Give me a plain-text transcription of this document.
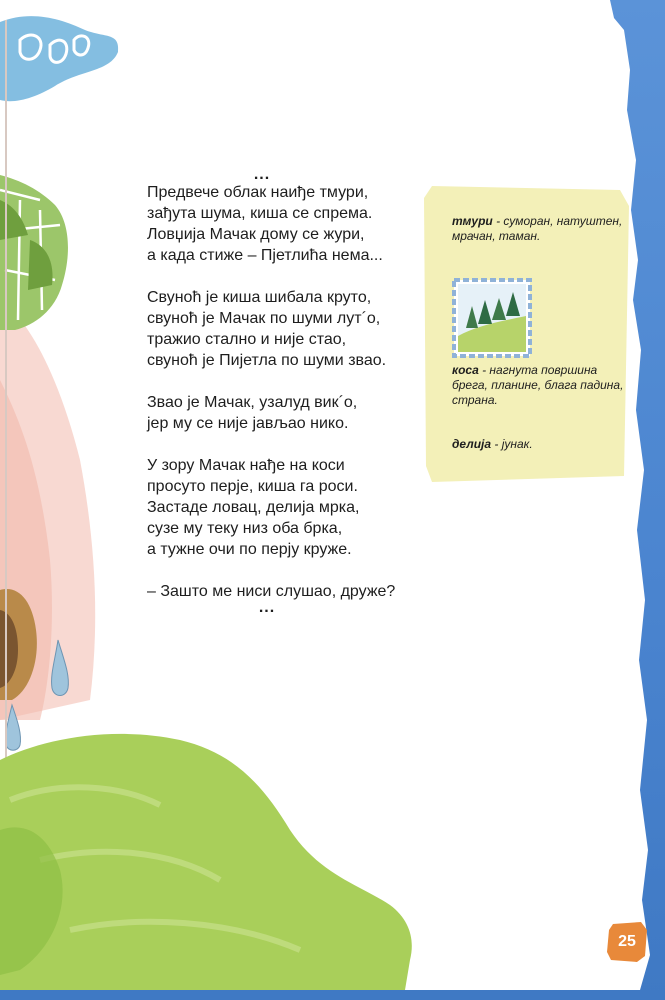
тмури - суморан, натуштен, мрачан, таман.
коса - нагнута површина брега, планине, блага падина, страна.
делија - јунак.
...

Предвече облак наиђе тмури,

зађута шума, киша се спрема.

Ловџија Мачак дому се жури,

а када стиже – Пјетлића нема...

Свуноћ је киша шибала круто,

свуноћ је Мачак по шуми лут´о,

тражио стално и није стао,

свуноћ је Пијетла по шуми звао.

Звао је Мачак, узалуд вик´о,

јер му се није јављао нико.

У зору Мачак нађе на коси

просуто перје, киша га роси.

Застаде ловац, делија мрка,

сузе му теку низ оба брка,

а тужне очи по перју круже.

– Зашто ме ниси слушао, друже?

...
25
